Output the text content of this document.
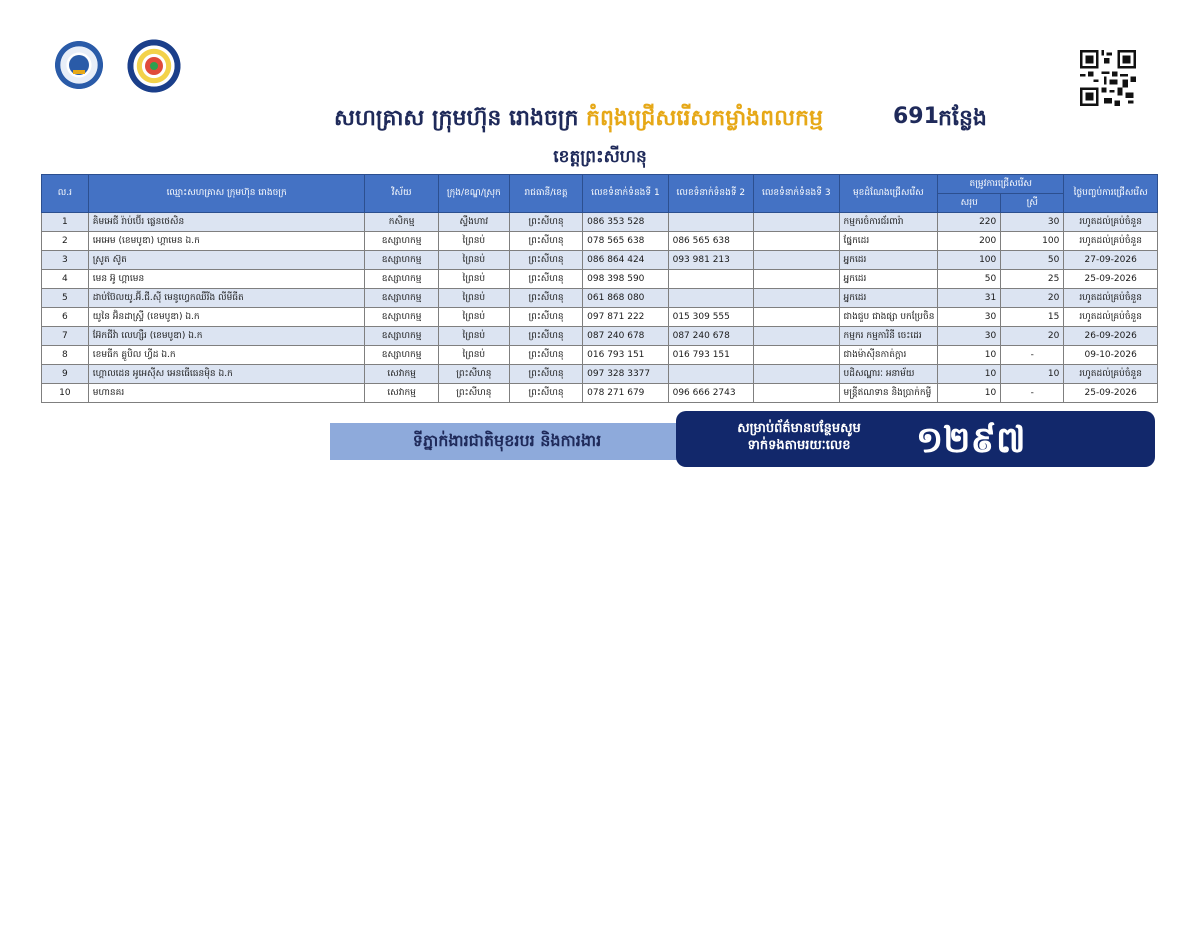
សហគ្រាស ក្រុមហ៊ុន រោងចក្រ កំពុងជ្រើសរើសកម្លាំងពលកម្ម	691 កន្លែង
ខេត្តព្រះសីហនុ
ល.រ	ឈ្មោះសហគ្រាស ក្រុមហ៊ុន រោងចក្រ	វិស័យ	ក្រុង/ខណ្ឌ/ស្រុក	រាជធានី/ខេត្ត	លេខទំនាក់ទំនងទី 1	លេខទំនាក់ទំនងទី 2	លេខទំនាក់ទំនងទី 3	មុខដំណែងជ្រើសរើស	តម្រូវការជ្រើសរើស		ថ្ងៃបញ្ចប់ការជ្រើសរើស
									សរុប	ស្រី	
1	គិមអេជី រ៉ាប់ប៊ើរ ផ្លេនថេសិន	កសិកម្ម	ស្ទឹងហាវ	ព្រះសីហនុ	086 353 528			កម្មករចំការជ័រពារ៉ា	220	30	រហូតដល់គ្រប់ចំនួន
2	អេអេម (ខេមបូឌា) ហ្គាមេន ឯ.ក	ឧស្សាហកម្ម	ព្រៃនប់	ព្រះសីហនុ	078 565 638	086 565 638		ផ្នែកដេរ	200	100	រហូតដល់គ្រប់ចំនួន
3	ស្រូត ស៊ូត	ឧស្សាហកម្ម	ព្រៃនប់	ព្រះសីហនុ	086 864 424	093 981 213		អ្នកដេរ	100	50	27-09-2026
4	មេន អ៊ូ ហ្គាមេន	ឧស្សាហកម្ម	ព្រៃនប់	ព្រះសីហនុ	098 398 590			អ្នកដេរ	50	25	25-09-2026
5	ដាប់ប៊ែលយូ.អ៊ី.ជី.ស៊ី មេនូហ្វេកឈឺរីង លីមីធីត	ឧស្សាហកម្ម	ព្រៃនប់	ព្រះសីហនុ	061 868 080			អ្នកដេរ	31	20	រហូតដល់គ្រប់ចំនួន
6	យូនៃ អ៊ិនដាស្ទ្រី (ខេមបូឌា) ឯ.ក	ឧស្សាហកម្ម	ព្រៃនប់	ព្រះសីហនុ	097 871 222	015 309 555		ជាងជួប ជាងផ្សា បកប្រែចិន	30	15	រហូតដល់គ្រប់ចំនួន
7	អ៊ែកជីវ៉ា លេហ្សឺរ (ខេមបូឌា) ឯ.ក	ឧស្សាហកម្ម	ព្រៃនប់	ព្រះសីហនុ	087 240 678	087 240 678		កម្មករ កម្មការិនី ចេះដេរ	30	20	26-09-2026
8	ខេមធីក គ្លូបិល ហ្វីដ ឯ.ក	ឧស្សាហកម្ម	ព្រៃនប់	ព្រះសីហនុ	016 793 151	016 793 151		ជាងម៉ាស៊ីនកាត់ក្ដារ	10	-	09-10-2026
9	ហ្គោលដេន អូអេស៊ីស អេនធើធេនម៉ិន ឯ.ក	សេវាកម្ម	ព្រះសីហនុ	ព្រះសីហនុ	097 328 3377			បដិសណ្ឋារៈ អនាម័យ	10	10	រហូតដល់គ្រប់ចំនួន
10	មហានគរ	សេវាកម្ម	ព្រះសីហនុ	ព្រះសីហនុ	078 271 679	096 666 2743		មន្ត្រីឥណទាន និងប្រាក់កម្ចី	10	-	25-09-2026
ទីភ្នាក់ងារជាតិមុខរបរ និងការងារ
សម្រាប់ព័ត៌មានបន្ថែមសូម
ទាក់ទងតាមរយៈលេខ	១២៩៧
